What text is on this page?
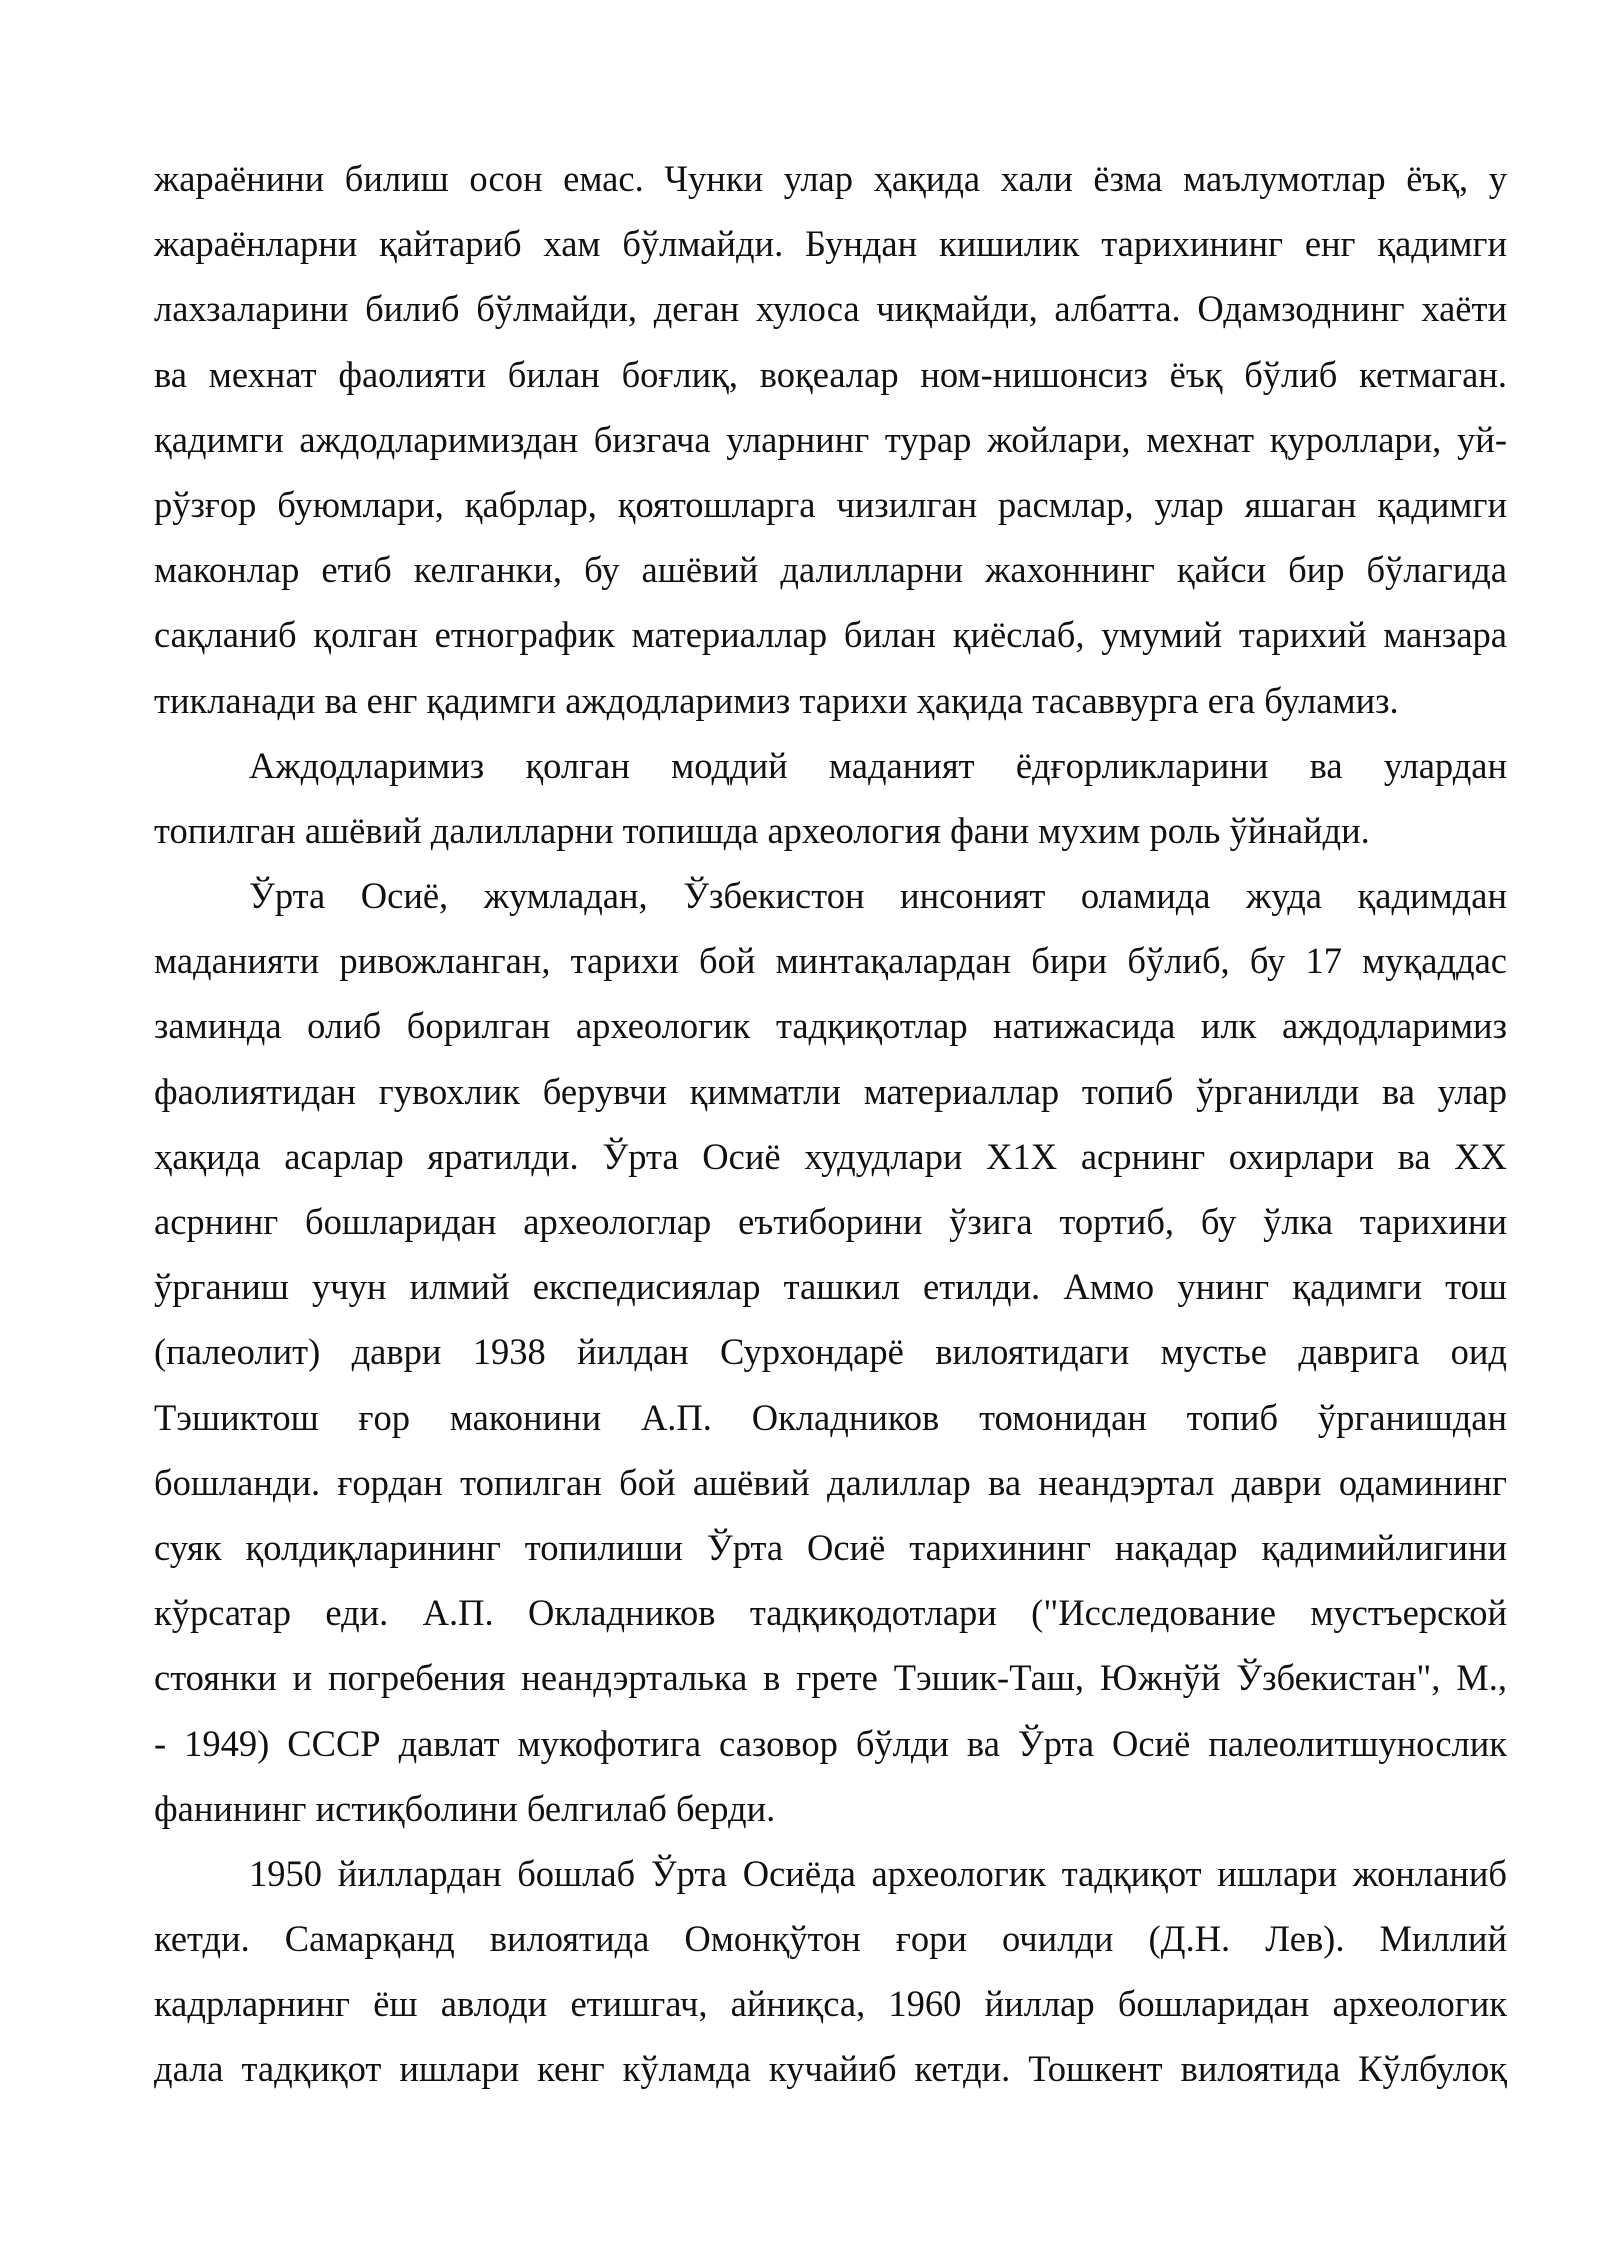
жараёнини билиш осон емас. Чунки улар ҳақида хали ёзма маълумотлар ёъқ, у
жараёнларни қайтариб хам бўлмайди. Бундан кишилик тарихининг енг қадимги
лахзаларини билиб бўлмайди, деган хулоса чиқмайди, албатта. Одамзоднинг хаёти
ва мехнат фаолияти билан боғлиқ, воқеалар ном-нишонсиз ёъқ бўлиб кетмаган.
қадимги аждодларимиздан бизгача уларнинг турар жойлари, мехнат қуроллари, уй-
рўзғор буюмлари, қабрлар, қоятошларга чизилган расмлар, улар яшаган қадимги
маконлар етиб келганки, бу ашёвий далилларни жахоннинг қайси бир бўлагида
сақланиб қолган етнографик материаллар билан қиёслаб, умумий тарихий манзара
тикланади ва енг қадимги аждодларимиз тарихи ҳақида тасаввурга ега буламиз.
Аждодларимиз қолган моддий маданият ёдғорликларини ва улардан
топилган ашёвий далилларни топишда археология фани мухим роль ўйнайди.
Ўрта Осиё, жумладан, Ўзбекистон инсоният оламида жуда қадимдан
маданияти ривожланган, тарихи бой минтақалардан бири бўлиб, бу 17 муқаддас
заминда олиб борилган археологик тадқиқотлар натижасида илк аждодларимиз
фаолиятидан гувохлик берувчи қимматли материаллар топиб ўрганилди ва улар
ҳақида асарлар яратилди. Ўрта Осиё худудлари Х1Х асрнинг охирлари ва ХХ
асрнинг бошларидан археологлар еътиборини ўзига тортиб, бу ўлка тарихини
ўрганиш учун илмий експедисиялар ташкил етилди. Аммо унинг қадимги тош
(палеолит) даври 1938 йилдан Сурхондарё вилоятидаги мустье даврига оид
Тэшиктош ғор маконини А.П. Окладников томонидан топиб ўрганишдан
бошланди. ғордан топилган бой ашёвий далиллар ва неандэртал даври одамининг
суяк қолдиқларининг топилиши Ўрта Осиё тарихининг нақадар қадимийлигини
кўрсатар еди. А.П. Окладников тадқиқодотлари ("Исследование мустъерской
стоянки и погребения неандэрталька в грете Тэшик-Таш, Южнўй Ўзбекистан", М.,
- 1949) СССР давлат мукофотига сазовор бўлди ва Ўрта Осиё палеолитшунослик
фанининг истиқболини белгилаб берди.
1950 йиллардан бошлаб Ўрта Осиёда археологик тадқиқот ишлари жонланиб
кетди. Самарқанд вилоятида Омонқўтон ғори очилди (Д.Н. Лев). Миллий
кадрларнинг ёш авлоди етишгач, айниқса, 1960 йиллар бошларидан археологик
дала тадқиқот ишлари кенг кўламда кучайиб кетди. Тошкент вилоятида Кўлбулоқ
